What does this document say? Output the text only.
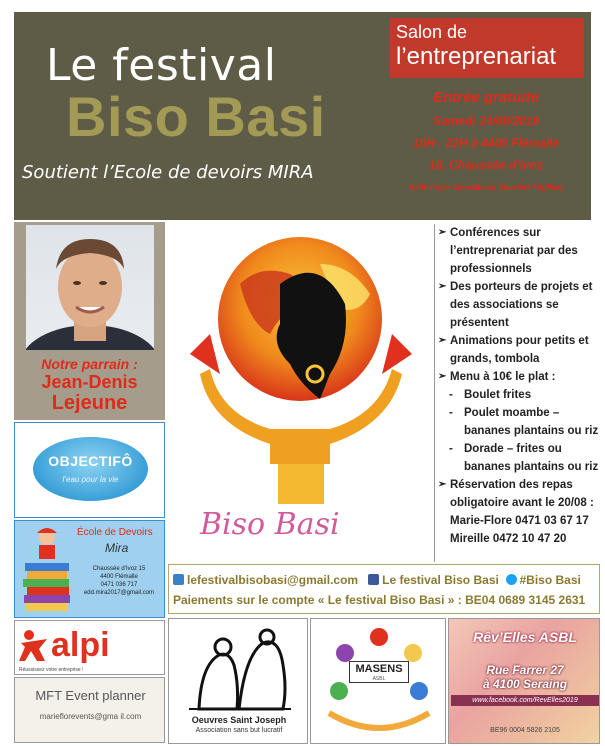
Le festival
Biso Basi
Soutient l’Ecole de devoirs MIRA
Salon de
l’entreprenariat
Entrée gratuite
Samedi 24/08/2019
10H - 22H à 4400 Flémalle
15, Chaussée d’Ivoz
Salle Foyer Don Bosco (derrière l’église)
Notre parrain :
Jean-Denis
Lejeune
OBJECTIFÔ
l’eau pour la vie
École de Devoirs
Mira
Chaussée d’Ivoz 15
4400 Flémalle
0471 036 717
edd.mira2017@gmail.com
alpi
Réussissez votre entreprise !
MFT Event planner
marieflorevents@gma il.com
Biso Basi
➢ Conférences sur l’entreprenariat par des professionnels
➢ Des porteurs de projets et des associations se présentent
➢ Animations pour petits et grands, tombola
➢ Menu à 10€ le plat :
- Boulet frites
- Poulet moambe – bananes plantains ou riz
- Dorade – frites ou bananes plantains ou riz
➢ Réservation des repas obligatoire avant le 20/08 :
Marie-Flore 0471 03 67 17
Mireille 0472 10 47 20
lefestivalbisobasi@gmail.com Le festival Biso Basi #Biso Basi
Paiements sur le compte « Le festival Biso Basi » : BE04 0689 3145 2631
Oeuvres Saint Joseph
Association sans but lucratif
MASENS
ASBL
Rêv’Elles ASBL
Rue Farrer 27
à 4100 Seraing
www.facebook.com/RevElles2019
BE96 0004 5826 2105
